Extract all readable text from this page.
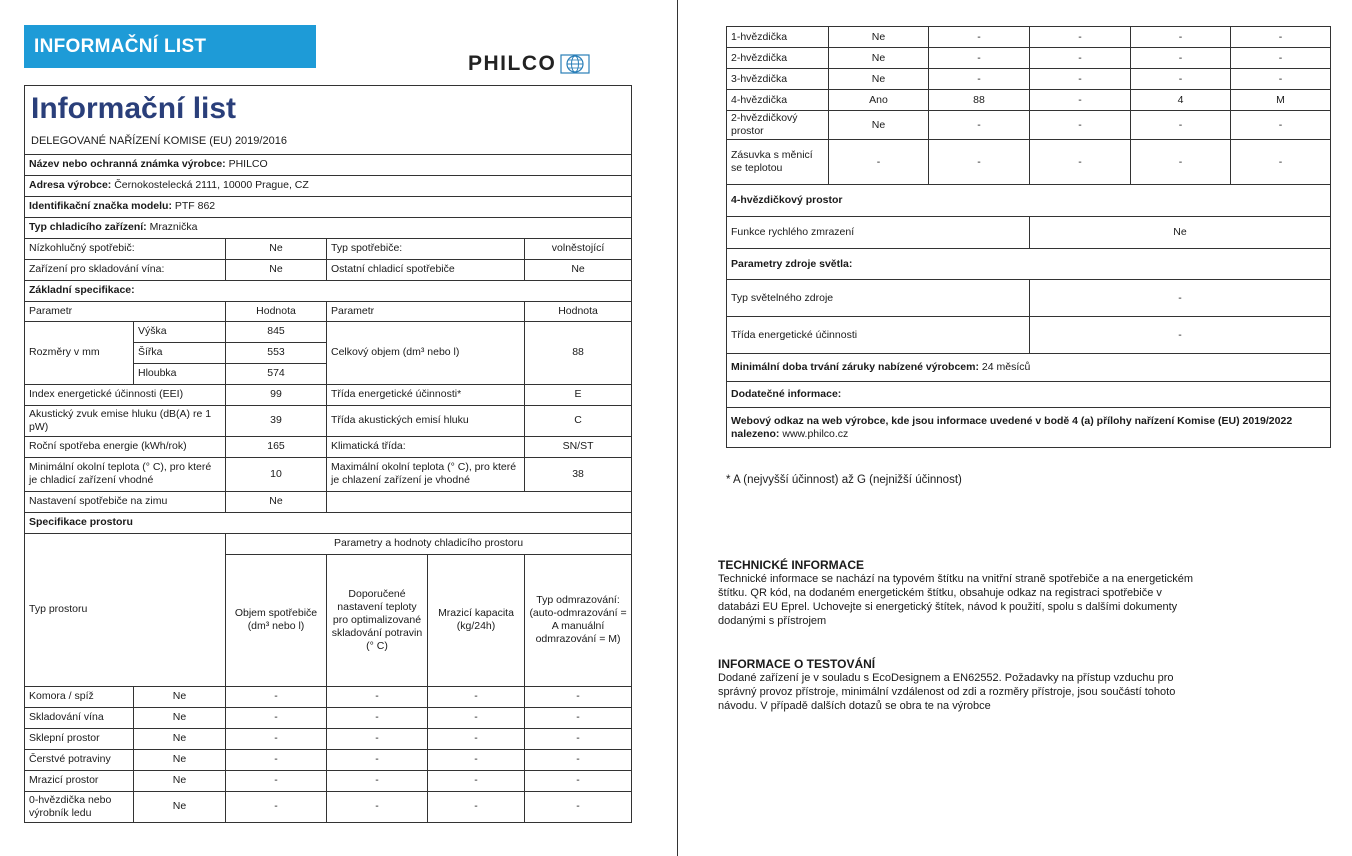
INFORMAČNÍ LIST
PHILCO
Informační list					
DELEGOVANÉ NAŘÍZENÍ KOMISE (EU) 2019/2016					
Název nebo ochranná známka výrobce: PHILCO					
Adresa výrobce: Černokostelecká 2111, 10000 Prague, CZ					
Identifikační značka modelu: PTF 862					
Typ chladicího zařízení: Mraznička					
Nízkohlučný spotřebič:		Ne	Typ spotřebiče:		volněstojící
Zařízení pro skladování vína:		Ne	Ostatní chladicí spotřebiče		Ne
Základní specifikace:					
Parametr		Hodnota	Parametr		Hodnota
Rozměry v mm	Výška	845	Celkový objem (dm³ nebo l)		88
	Šířka	553			
	Hloubka	574			
Index energetické účinnosti (EEI)		99	Třída energetické účinnosti*		E
Akustický zvuk emise hluku (dB(A) re 1 pW)		39	Třída akustických emisí hluku		C
Roční spotřeba energie (kWh/rok)		165	Klimatická třída:		SN/ST
Minimální okolní teplota (° C), pro které je chladicí zařízení vhodné		10	Maximální okolní teplota (° C), pro které je chlazení zařízení je vhodné		38
Nastavení spotřebiče na zimu		Ne			
Specifikace prostoru					
Typ prostoru		Parametry a hodnoty chladicího prostoru			
		Objem spotřebiče (dm³ nebo l)	Doporučené nastavení teploty pro optimalizované skladování potravin (° C)	Mrazicí kapacita (kg/24h)	Typ odmrazování: (auto-odmrazování = A manuální odmrazování = M)
Komora / spíž	Ne	-	-	-	-
Skladování vína	Ne	-	-	-	-
Sklepní prostor	Ne	-	-	-	-
Čerstvé potraviny	Ne	-	-	-	-
Mrazicí prostor	Ne	-	-	-	-
0-hvězdička nebo výrobník ledu	Ne	-	-	-	-
1-hvězdička	Ne	-	-	-	-
2-hvězdička	Ne	-	-	-	-
3-hvězdička	Ne	-	-	-	-
4-hvězdička	Ano	88	-	4	M
2-hvězdičkový prostor	Ne	-	-	-	-
Zásuvka s měnicí se teplotou	-	-	-	-	-
4-hvězdičkový prostor					
Funkce rychlého zmrazení			Ne		
Parametry zdroje světla:					
Typ světelného zdroje			-		
Třída energetické účinnosti			-		
Minimální doba trvání záruky nabízené výrobcem: 24 měsíců					
Dodatečné informace:					
Webový odkaz na web výrobce, kde jsou informace uvedené v bodě 4 (a) přílohy nařízení Komise (EU) 2019/2022 nalezeno: www.philco.cz					
* A (nejvyšší účinnost) až G (nejnižší účinnost)
TECHNICKÉ INFORMACE
Technické informace se nachází na typovém štítku na vnitřní straně spotřebiče a na energetickém štítku. QR kód, na dodaném energetickém štítku, obsahuje odkaz na registraci spotřebiče v databázi EU Eprel. Uchovejte si energetický štítek, návod k použití, spolu s dalšími dokumenty dodanými s přístrojem
INFORMACE O TESTOVÁNÍ
Dodané zařízení je v souladu s EcoDesignem a EN62552. Požadavky na přístup vzduchu pro správný provoz přístroje, minimální vzdálenost od zdi a rozměry přístroje, jsou součástí tohoto návodu. V případě dalších dotazů se obra te na výrobce
